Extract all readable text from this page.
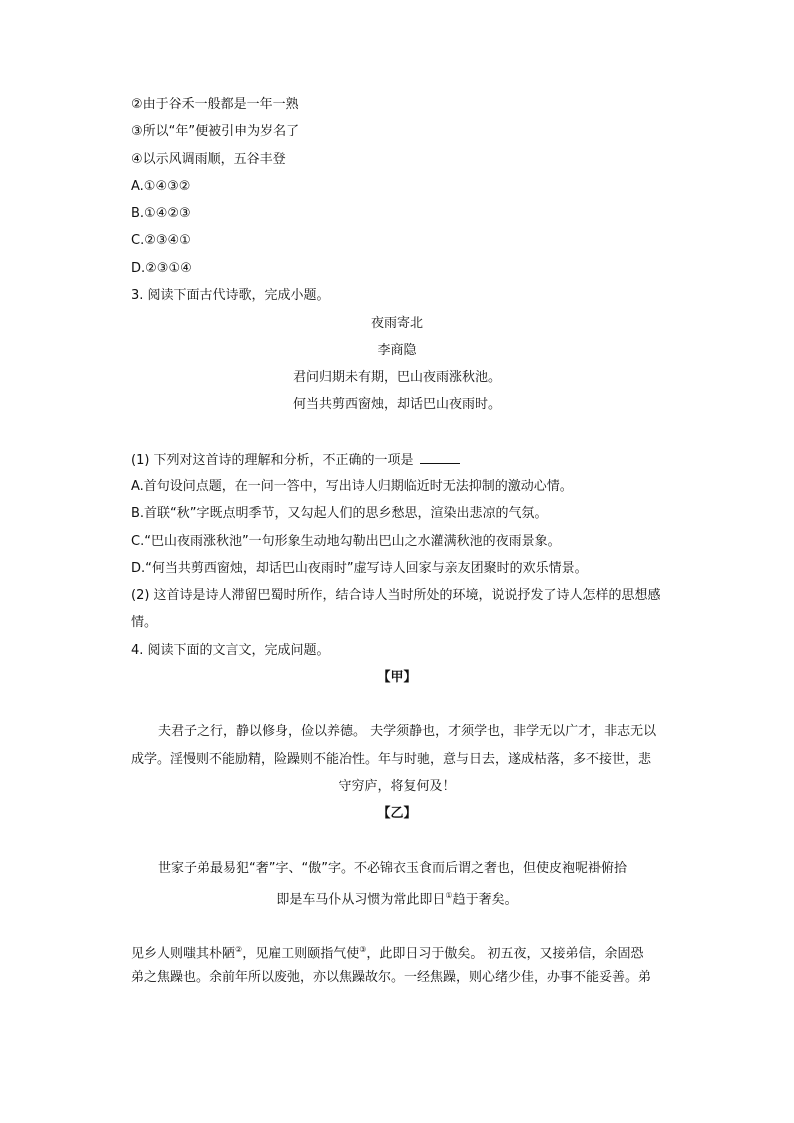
②由于谷禾一般都是一年一熟
③所以“年”便被引申为岁名了
④以示风调雨顺，五谷丰登
A.①④③②
B.①④②③
C.②③④①
D.②③①④
3. 阅读下面古代诗歌，完成小题。
夜雨寄北
李商隐
君问归期未有期，巴山夜雨涨秋池。
何当共剪西窗烛，却话巴山夜雨时。
(1) 下列对这首诗的理解和分析，不正确的一项是
A.首句设问点题，在一问一答中，写出诗人归期临近时无法抑制的激动心情。
B.首联“秋”字既点明季节，又勾起人们的思乡愁思，渲染出悲凉的气氛。
C.“巴山夜雨涨秋池”一句形象生动地勾勒出巴山之水灌满秋池的夜雨景象。
D.“何当共剪西窗烛，却话巴山夜雨时”虚写诗人回家与亲友团聚时的欢乐情景。
(2) 这首诗是诗人滞留巴蜀时所作，结合诗人当时所处的环境，说说抒发了诗人怎样的思想感
情。
4. 阅读下面的文言文，完成问题。
【甲】
夫君子之行，静以修身，俭以养德。 夫学须静也，才须学也，非学无以广才，非志无以
成学。淫慢则不能励精，险躁则不能冶性。年与时驰，意与日去，遂成枯落，多不接世，悲
守穷庐，将复何及！
【乙】
世家子弟最易犯“奢”字、“傲”字。不必锦衣玉食而后谓之奢也，但使皮袍呢褂俯拾
即是车马仆从习惯为常此即日①趋于奢矣。
见乡人则嗤其朴陋②，见雇工则颐指气使③，此即日习于傲矣。 初五夜，又接弟信，余固恐
弟之焦躁也。余前年所以废弛，亦以焦躁故尔。一经焦躁，则心绪少佳，办事不能妥善。弟
